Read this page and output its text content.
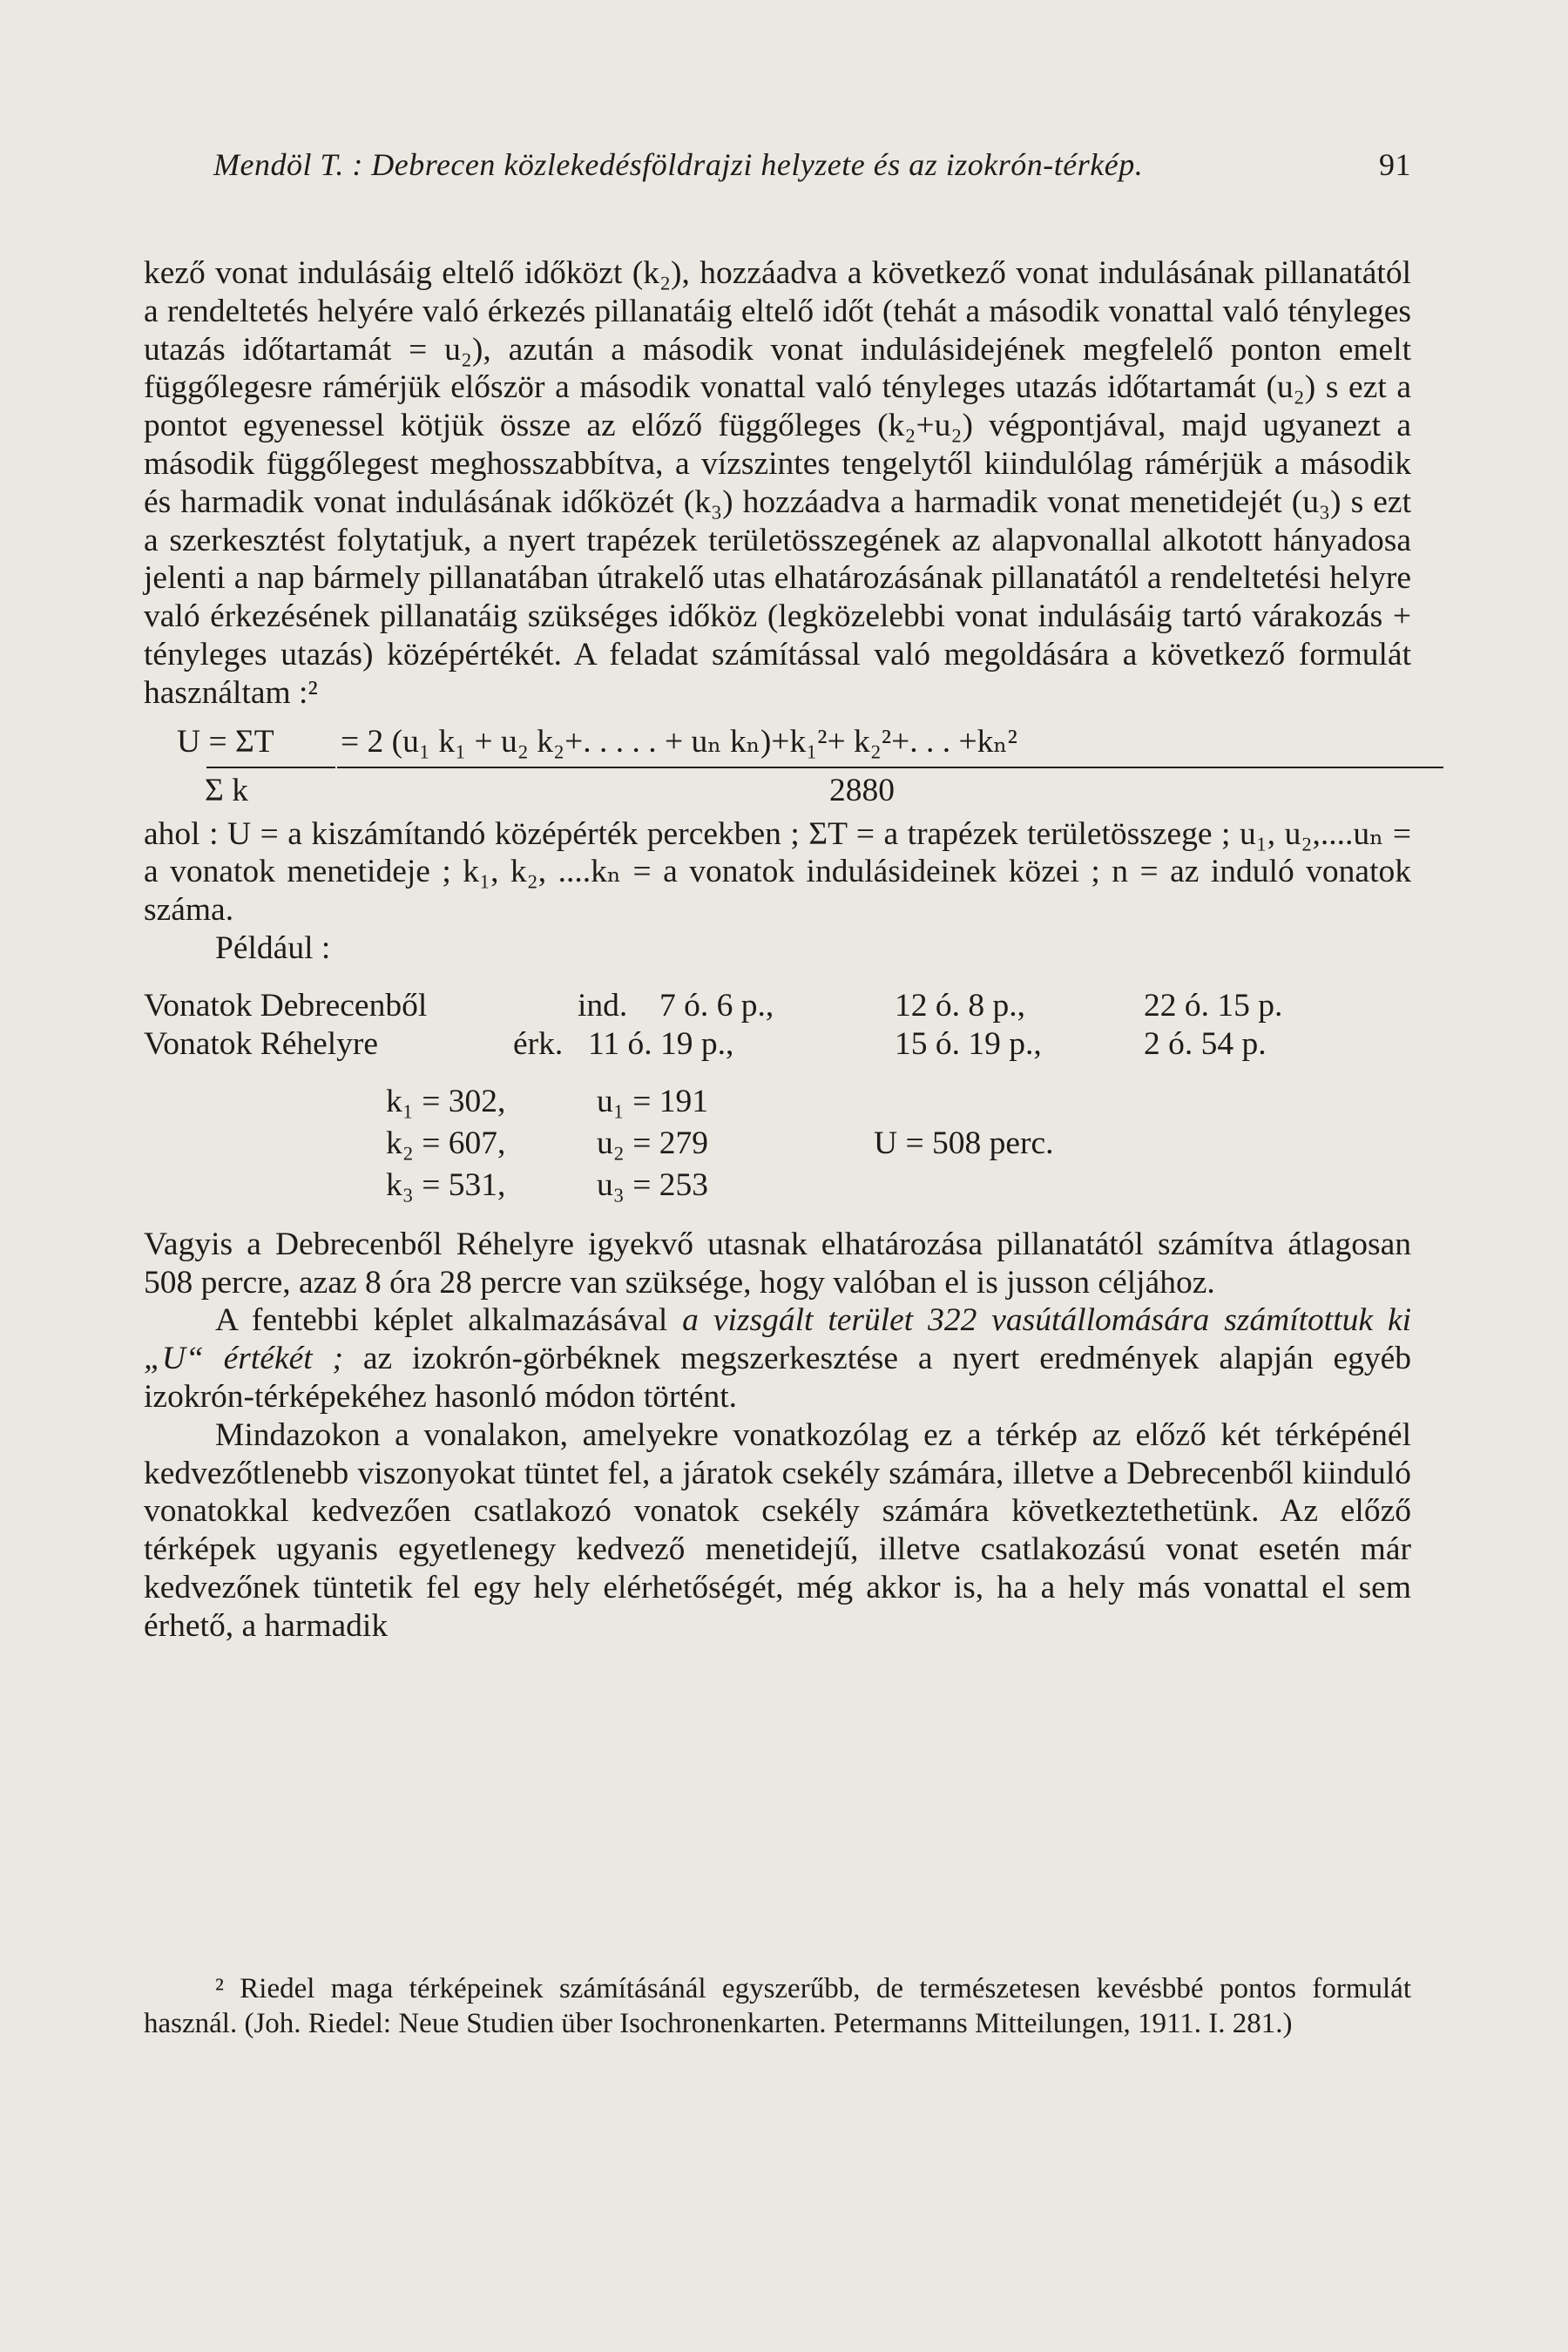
Mendöl T. : Debrecen közlekedésföldrajzi helyzete és az izokrón-térkép.	91

kező vonat indulásáig eltelő időközt (k₂), hozzáadva a következő vonat indulásának pillanatától a rendeltetés helyére való érkezés pillanatáig eltelő időt (tehát a második vonattal való tényleges utazás időtartamát = u₂), azután a második vonat indulásidejének megfelelő ponton emelt függőlegesre rámérjük először a második vonattal való tényleges utazás időtartamát (u₂) s ezt a pontot egyenessel kötjük össze az előző függőleges (k₂+u₂) végpontjával, majd ugyanezt a második függőlegest meghosszabbítva, a vízszintes tengelytől kiindulólag rámérjük a második és harmadik vonat indulásának időközét (k₃) hozzáadva a harmadik vonat menetidejét (u₃) s ezt a szerkesztést folytatjuk, a nyert trapézek területösszegének az alapvonallal alkotott hányadosa jelenti a nap bármely pillanatában útrakelő utas elhatározásának pillanatától a rendeltetési helyre való érkezésének pillanatáig szükséges időköz (legközelebbi vonat indulásáig tartó várakozás + tényleges utazás) középértékét. A feladat számítással való megoldására a következő formulát használtam :²

U = ΣT = 2 (u₁ k₁ + u₂ k₂+. . . . . + uₙ kₙ)+k₁²+ k₂²+. . . +kₙ²
Σ k	2880

ahol : U = a kiszámítandó középérték percekben ; ΣT = a trapézek területösszege ; u₁, u₂,....uₙ = a vonatok menetideje ; k₁, k₂, ....kₙ = a vonatok indulásideinek közei ; n = az induló vonatok száma.

Például :

Vonatok Debrecenből	ind. 7 ó. 6 p.,	12 ó. 8 p.,	22 ó. 15 p.
Vonatok Réhelyre	érk. 11 ó. 19 p.,	15 ó. 19 p.,	2 ó. 54 p.
k₁ = 302,	u₁ = 191
k₂ = 607,	u₂ = 279	U = 508 perc.
k₃ = 531,	u₃ = 253

Vagyis a Debrecenből Réhelyre igyekvő utasnak elhatározása pillanatától számítva átlagosan 508 percre, azaz 8 óra 28 percre van szüksége, hogy valóban el is jusson céljához.

A fentebbi képlet alkalmazásával a vizsgált terület 322 vasútállomására számítottuk ki „U“ értékét ; az izokrón-görbéknek megszerkesztése a nyert eredmények alapján egyéb izokrón-térképekéhez hasonló módon történt.

Mindazokon a vonalakon, amelyekre vonatkozólag ez a térkép az előző két térképénél kedvezőtlenebb viszonyokat tüntet fel, a járatok csekély számára, illetve a Debrecenből kiinduló vonatokkal kedvezően csatlakozó vonatok csekély számára következtethetünk. Az előző térképek ugyanis egyetlenegy kedvező menetidejű, illetve csatlakozású vonat esetén már kedvezőnek tüntetik fel egy hely elérhetőségét, még akkor is, ha a hely más vonattal el sem érhető, a harmadik

² Riedel maga térképeinek számításánál egyszerűbb, de természetesen kevésbbé pontos formulát használ. (Joh. Riedel: Neue Studien über Isochronenkarten. Petermanns Mitteilungen, 1911. I. 281.)
